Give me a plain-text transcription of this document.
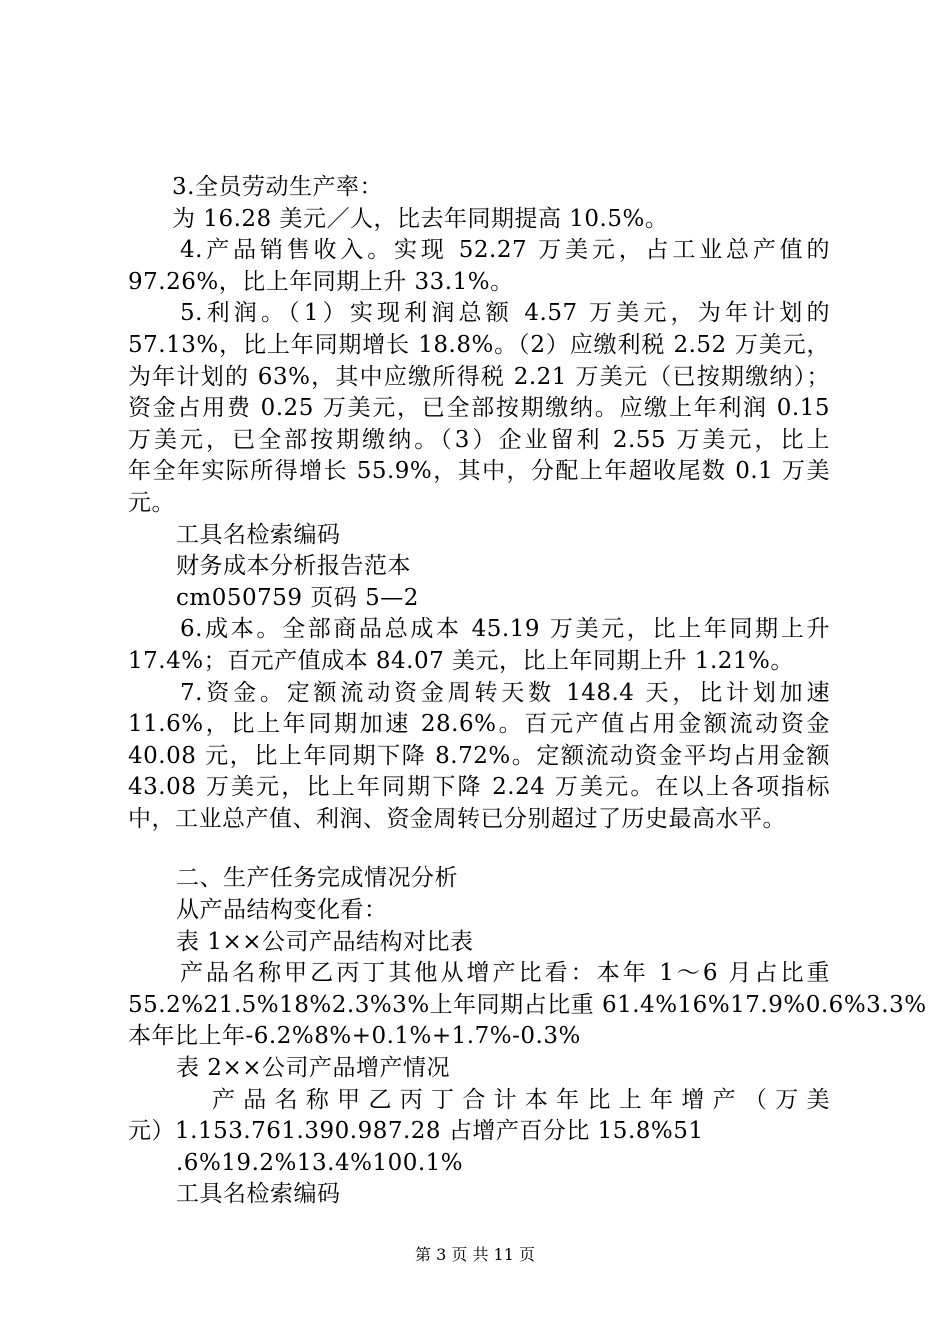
3.全员劳动生产率：
为 16.28 美元／人，比去年同期提高 10.5%。
4.产品销售收入。实现 52.27 万美元，占工业总产值的
97.26%，比上年同期上升 33.1%。
5.利润。（1）实现利润总额 4.57 万美元，为年计划的
57.13%，比上年同期增长 18.8%。（2）应缴利税 2.52 万美元，
为年计划的 63%，其中应缴所得税 2.21 万美元（已按期缴纳）；
资金占用费 0.25 万美元，已全部按期缴纳。应缴上年利润 0.15
万美元，已全部按期缴纳。（3）企业留利 2.55 万美元，比上
年全年实际所得增长 55.9%，其中，分配上年超收尾数 0.1 万美
元。
工具名检索编码
财务成本分析报告范本
cm050759 页码 5—2
6.成本。全部商品总成本 45.19 万美元，比上年同期上升
17.4%；百元产值成本 84.07 美元，比上年同期上升 1.21%。
7.资金。定额流动资金周转天数 148.4 天，比计划加速
11.6%，比上年同期加速 28.6%。百元产值占用金额流动资金
40.08 元，比上年同期下降 8.72%。定额流动资金平均占用金额
43.08 万美元，比上年同期下降 2.24 万美元。在以上各项指标
中，工业总产值、利润、资金周转已分别超过了历史最高水平。
二、生产任务完成情况分析
从产品结构变化看：
表 1××公司产品结构对比表
产品名称甲乙丙丁其他从增产比看：本年 1～6 月占比重
55.2%21.5%18%2.3%3%上年同期占比重 61.4%16%17.9%0.6%3.3%
本年比上年-6.2%8%+0.1%+1.7%-0.3%
表 2××公司产品增产情况
产品名称甲乙丙丁合计本年比上年增产（万美
元）1.153.761.390.987.28 占增产百分比 15.8%51
.6%19.2%13.4%100.1%
工具名检索编码
第 3 页 共 11 页
